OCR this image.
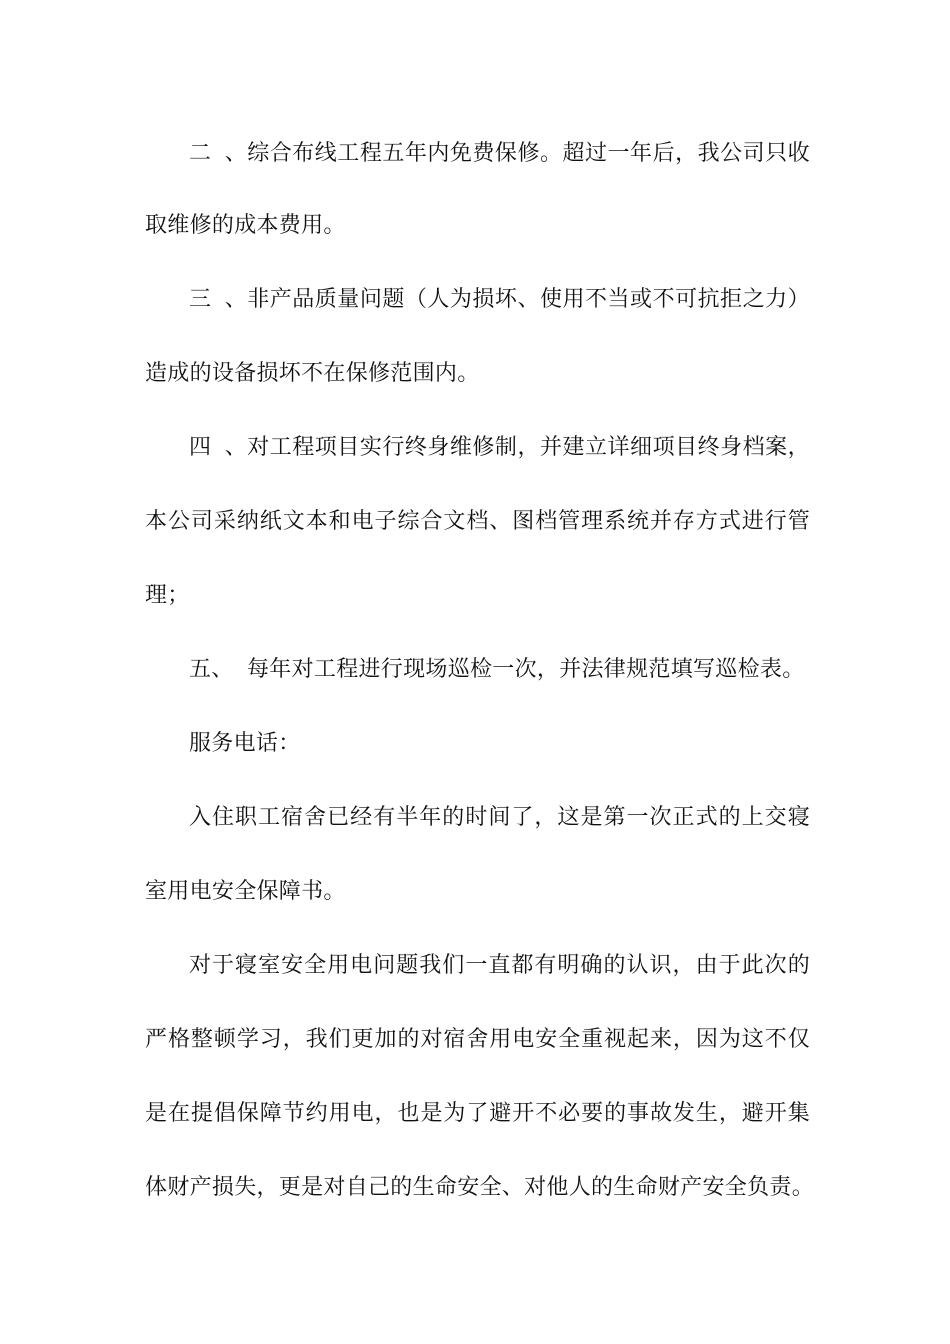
二、综合布线工程五年内免费保修。超过一年后，我公司只收
取维修的成本费用。
三、非产品质量问题（人为损坏、使用不当或不可抗拒之力）
造成的设备损坏不在保修范围内。
四、对工程项目实行终身维修制，并建立详细项目终身档案，
本公司采纳纸文本和电子综合文档、图档管理系统并存方式进行管
理；
五、 每年对工程进行现场巡检一次，并法律规范填写巡检表。
服务电话：
入住职工宿舍已经有半年的时间了，这是第一次正式的上交寝
室用电安全保障书。
对于寝室安全用电问题我们一直都有明确的认识，由于此次的
严格整顿学习，我们更加的对宿舍用电安全重视起来，因为这不仅
是在提倡保障节约用电，也是为了避开不必要的事故发生，避开集
体财产损失，更是对自己的生命安全、对他人的生命财产安全负责。
